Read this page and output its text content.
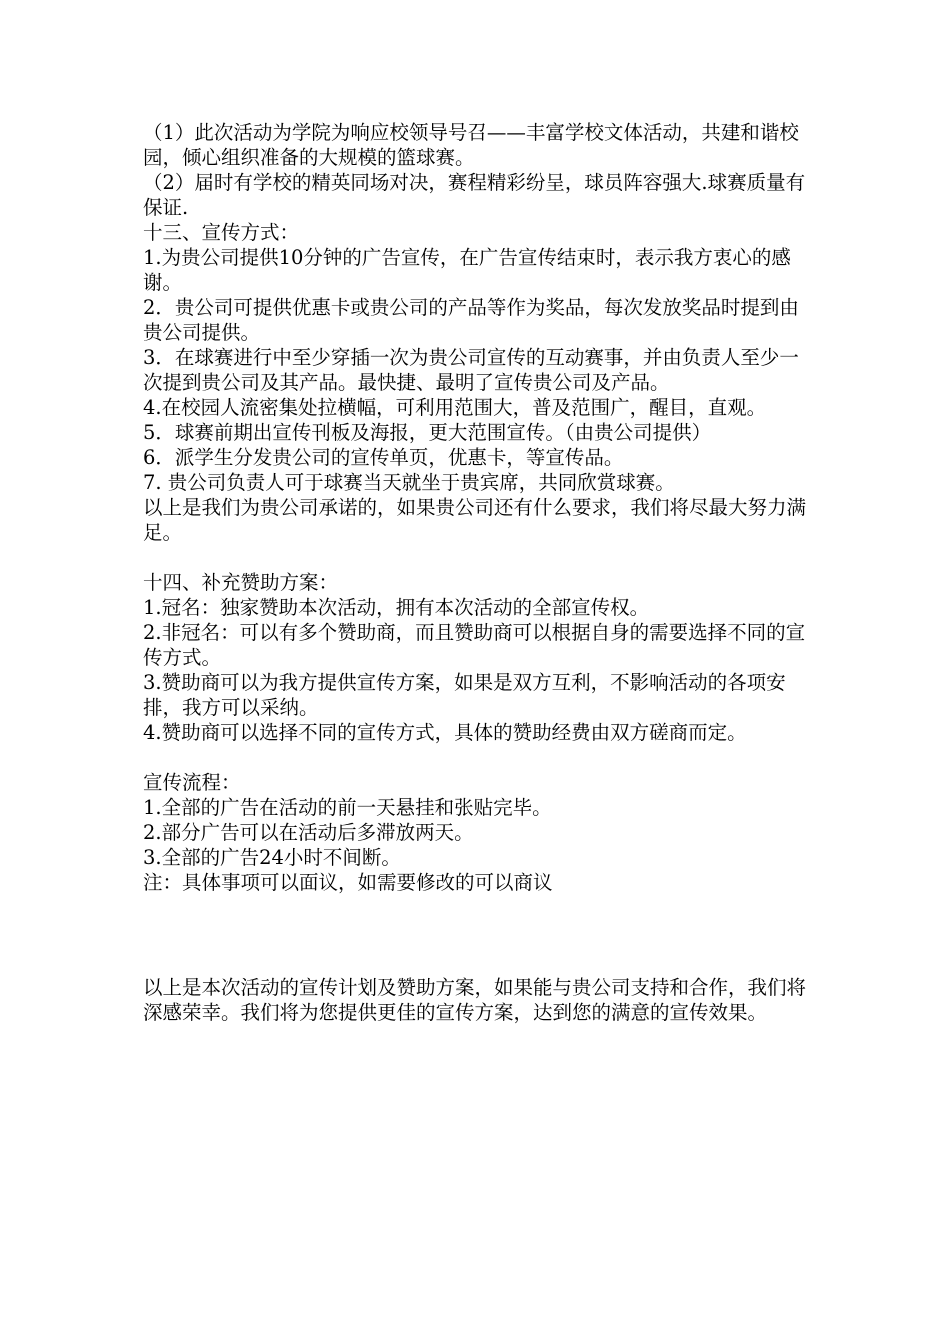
（1）此次活动为学院为响应校领导号召——丰富学校文体活动，共建和谐校园，倾心组织准备的大规模的篮球赛。

（2）届时有学校的精英同场对决，赛程精彩纷呈，球员阵容强大.球赛质量有保证.

十三、宣传方式：

1.为贵公司提供10分钟的广告宣传，在广告宣传结束时，表示我方衷心的感谢。

2．贵公司可提供优惠卡或贵公司的产品等作为奖品，每次发放奖品时提到由贵公司提供。

3．在球赛进行中至少穿插一次为贵公司宣传的互动赛事，并由负责人至少一次提到贵公司及其产品。最快捷、最明了宣传贵公司及产品。

4.在校园人流密集处拉横幅，可利用范围大，普及范围广，醒目，直观。

5．球赛前期出宣传刊板及海报，更大范围宣传。（由贵公司提供）

6．派学生分发贵公司的宣传单页，优惠卡，等宣传品。

7. 贵公司负责人可于球赛当天就坐于贵宾席，共同欣赏球赛。

以上是我们为贵公司承诺的，如果贵公司还有什么要求，我们将尽最大努力满足。

十四、补充赞助方案：

1.冠名：独家赞助本次活动，拥有本次活动的全部宣传权。

2.非冠名：可以有多个赞助商，而且赞助商可以根据自身的需要选择不同的宣传方式。

3.赞助商可以为我方提供宣传方案，如果是双方互利，不影响活动的各项安排，我方可以采纳。

4.赞助商可以选择不同的宣传方式，具体的赞助经费由双方磋商而定。

宣传流程：

1.全部的广告在活动的前一天悬挂和张贴完毕。

2.部分广告可以在活动后多滞放两天。

3.全部的广告24小时不间断。

注：具体事项可以面议，如需要修改的可以商议

以上是本次活动的宣传计划及赞助方案，如果能与贵公司支持和合作，我们将深感荣幸。我们将为您提供更佳的宣传方案，达到您的满意的宣传效果。
